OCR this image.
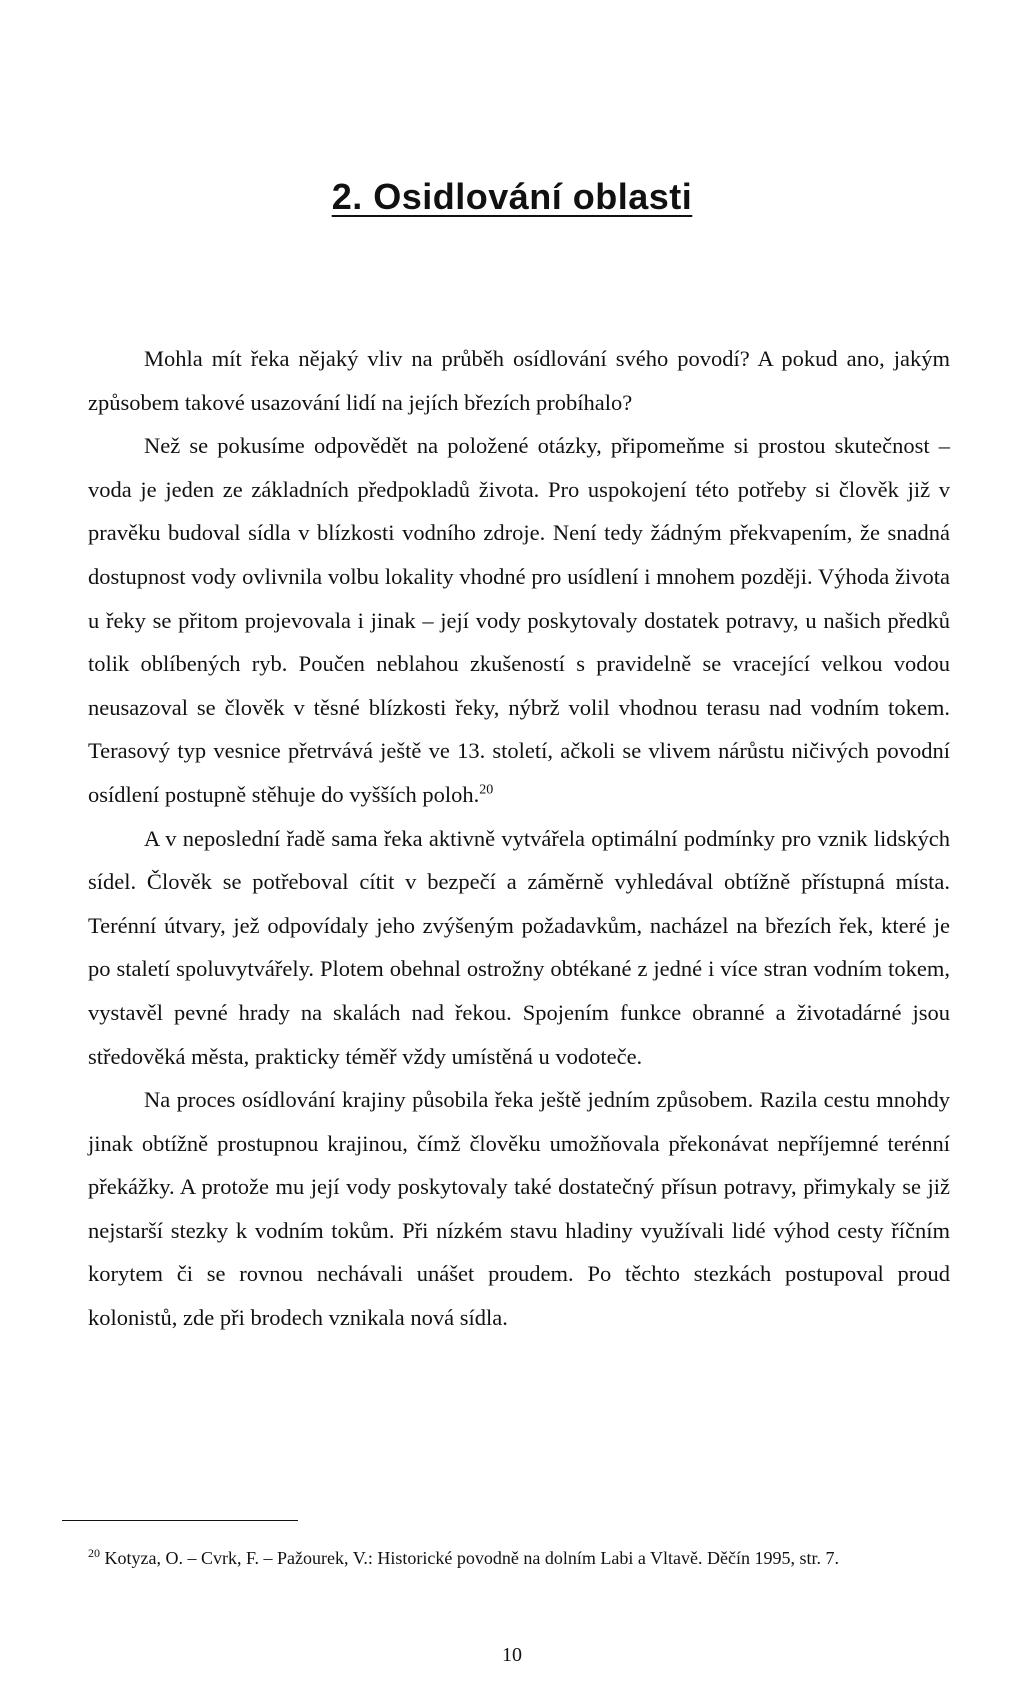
2. Osidlování oblasti

Mohla mít řeka nějaký vliv na průběh osídlování svého povodí? A pokud ano, jakým způsobem takové usazování lidí na jejích březích probíhalo?

Než se pokusíme odpovědět na položené otázky, připomeňme si prostou skutečnost – voda je jeden ze základních předpokladů života. Pro uspokojení této potřeby si člověk již v pravěku budoval sídla v blízkosti vodního zdroje. Není tedy žádným překvapením, že snadná dostupnost vody ovlivnila volbu lokality vhodné pro usídlení i mnohem později. Výhoda života u řeky se přitom projevovala i jinak – její vody poskytovaly dostatek potravy, u našich předků tolik oblíbených ryb. Poučen neblahou zkušeností s pravidelně se vracející velkou vodou neusazoval se člověk v těsné blízkosti řeky, nýbrž volil vhodnou terasu nad vodním tokem. Terasový typ vesnice přetrvává ještě ve 13. století, ačkoli se vlivem nárůstu ničivých povodní osídlení postupně stěhuje do vyšších poloh.$^{20}$

A v neposlední řadě sama řeka aktivně vytvářela optimální podmínky pro vznik lidských sídel. Člověk se potřeboval cítit v bezpečí a záměrně vyhledával obtížně přístupná místa. Terénní útvary, jež odpovídaly jeho zvýšeným požadavkům, nacházel na březích řek, které je po staletí spoluvytvářely. Plotem obehnal ostrožny obtékané z jedné i více stran vodním tokem, vystavěl pevné hrady na skalách nad řekou. Spojením funkce obranné a životadárné jsou středověká města, prakticky téměř vždy umístěná u vodoteče.

Na proces osídlování krajiny působila řeka ještě jedním způsobem. Razila cestu mnohdy jinak obtížně prostupnou krajinou, čímž člověku umožňovala překonávat nepříjemné terénní překážky. A protože mu její vody poskytovaly také dostatečný přísun potravy, přimykaly se již nejstarší stezky k vodním tokům. Při nízkém stavu hladiny využívali lidé výhod cesty říčním korytem či se rovnou nechávali unášet proudem. Po těchto stezkách postupoval proud kolonistů, zde při brodech vznikala nová sídla.

$^{20}$ Kotyza, O. – Cvrk, F. – Pažourek, V.: Historické povodně na dolním Labi a Vltavě. Děčín 1995, str. 7.
10
